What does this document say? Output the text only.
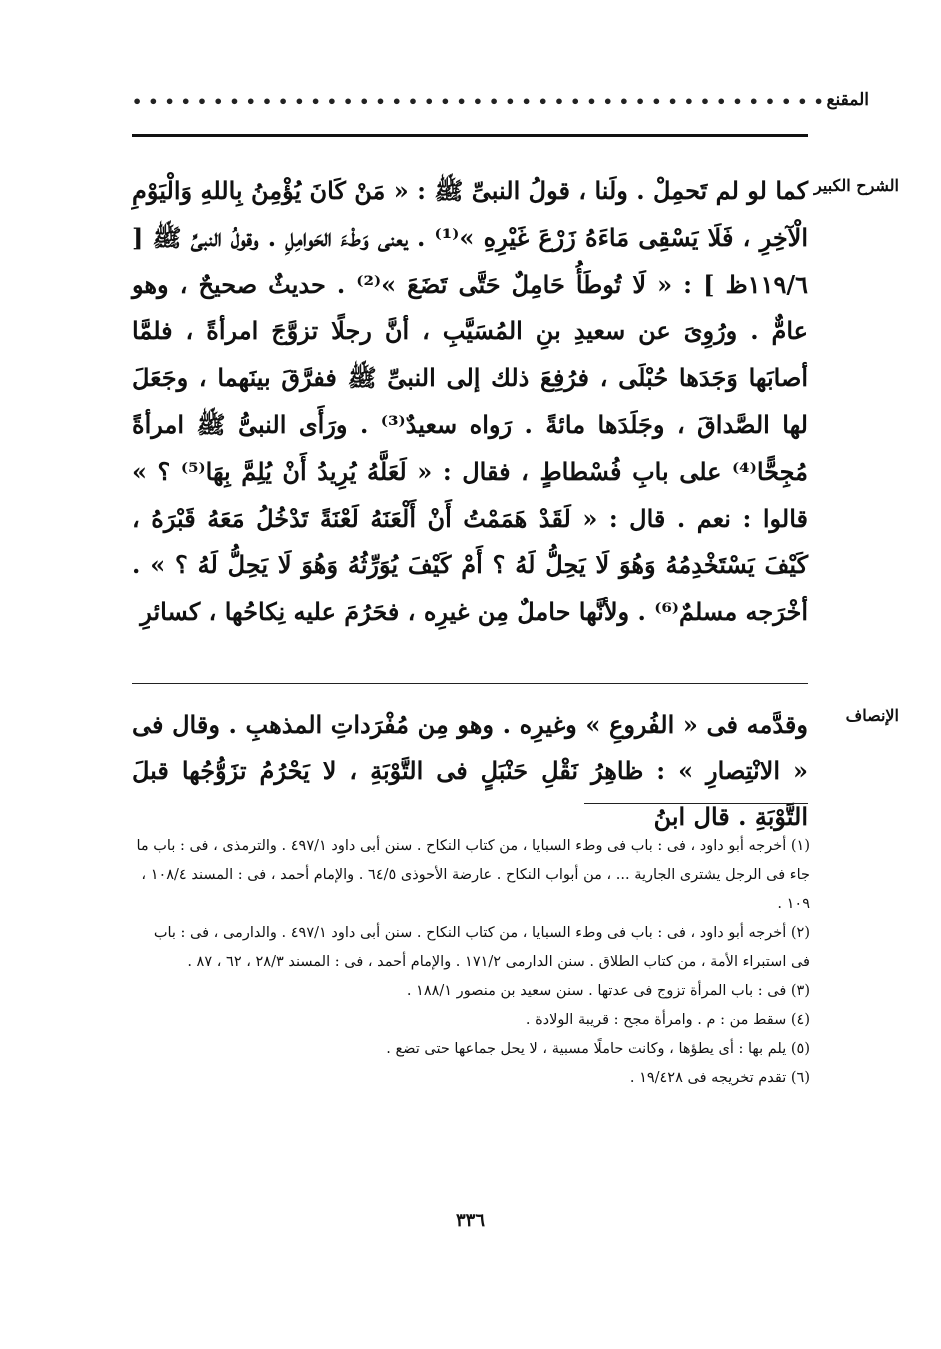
المقنع
•••••••••••••••••••••••••••••••••••••••••••
الشرح الكبير

كما لو لم تَحمِلْ . ولَنا ، قولُ النبىِّ ﷺ : « مَنْ كَانَ يُؤْمِنُ بِاللهِ وَالْيَوْمِ الْآخِرِ ، فَلَا يَسْقِى مَاءَهُ زَرْعَ غَيْرِهِ »⁽¹⁾ . يعنى وَطْءَ الحَوامِلِ . وقولُ النبىِّ ﷺ [ ١١٩/٦ظ ] : « لَا تُوطَأُ حَامِلٌ حَتَّى تَضَعَ »⁽²⁾ . حديثٌ صحيحٌ ، وهو عامٌّ . ورُوِىَ عن سعيدِ بنِ المُسَيَّبِ ، أنَّ رجلًا تزوَّجَ امرأةً ، فلمَّا أصابَها وَجَدَها حُبْلَى ، فرُفِعَ ذلك إلى النبىِّ ﷺ ففرَّقَ بينَهما ، وجَعَلَ لها الصَّداقَ ، وجَلَدَها مائةً . رَواه سعيدٌ⁽³⁾ . ورَأَى النبىُّ ﷺ امرأةً مُجِحًّا⁽⁴⁾ على بابِ فُسْطاطٍ ، فقال : « لَعَلَّهُ يُرِيدُ أَنْ يُلِمَّ بِهَا⁽⁵⁾ ؟ » قالوا : نعم . قال : « لَقَدْ هَمَمْتُ أَنْ أَلْعَنَهُ لَعْنَةً تَدْخُلُ مَعَهُ قَبْرَهُ ، كَيْفَ يَسْتَخْدِمُهُ وَهُوَ لَا يَحِلُّ لَهُ ؟ أَمْ كَيْفَ يُوَرِّثُهُ وَهُوَ لَا يَحِلُّ لَهُ ؟ » . أخْرَجه مسلمٌ⁽⁶⁾ . ولأنَّها حاملٌ مِن غيرِه ، فحَرُمَ عليه نِكاحُها ، كسائرِ

الإنصاف

وقدَّمه فى « الفُروعِ » وغيرِه . وهو مِن مُفْرَداتِ المذهبِ . وقال فى « الانْتِصارِ » : ظاهِرُ نَقْلِ حَنْبَلٍ فى التَّوْبَةِ ، لا يَحْرُمُ تزَوُّجُها قبلَ التَّوْبَةِ . قال ابنُ

(١) أخرجه أبو داود ، فى : باب فى وطء السبايا ، من كتاب النكاح . سنن أبى داود ٤٩٧/١ . والترمذى ، فى : باب ما جاء فى الرجل يشترى الجارية ... ، من أبواب النكاح . عارضة الأحوذى ٦٤/٥ . والإمام أحمد ، فى : المسند ١٠٨/٤ ، ١٠٩ .

(٢) أخرجه أبو داود ، فى : باب فى وطء السبايا ، من كتاب النكاح . سنن أبى داود ٤٩٧/١ . والدارمى ، فى : باب فى استبراء الأمة ، من كتاب الطلاق . سنن الدارمى ١٧١/٢ . والإمام أحمد ، فى : المسند ٢٨/٣ ، ٦٢ ، ٨٧ .

(٣) فى : باب المرأة تزوج فى عدتها . سنن سعيد بن منصور ١٨٨/١ .

(٤) سقط من : م . وامرأة مجح : قريبة الولادة .

(٥) يلم بها : أى يطؤها ، وكانت حاملًا مسبية ، لا يحل جماعها حتى تضع .

(٦) تقدم تخريجه فى ١٩/٤٢٨ .

٣٣٦
